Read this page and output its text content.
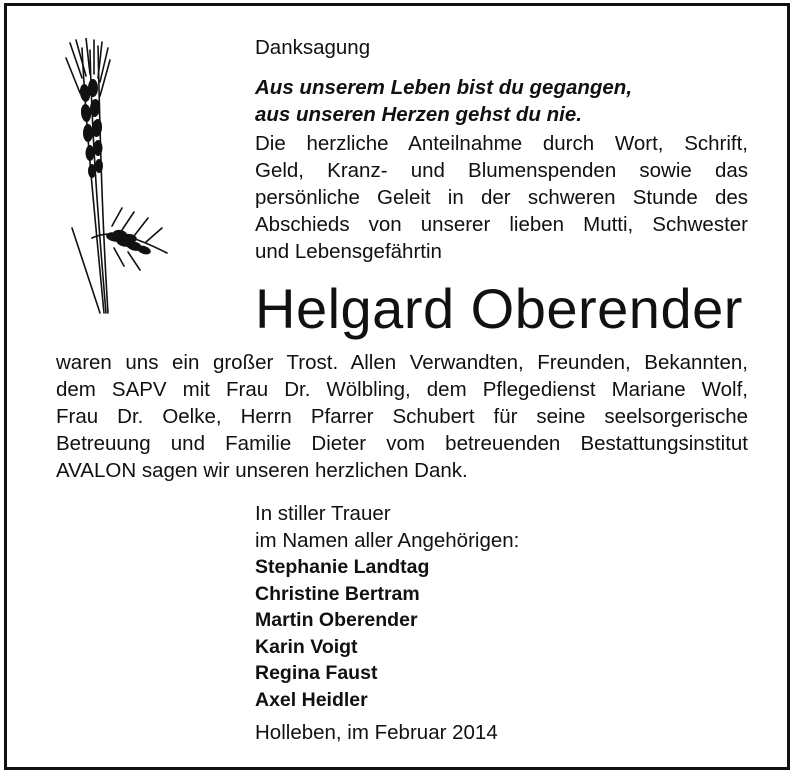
Danksagung
Aus unserem Leben bist du gegangen,
aus unseren Herzen gehst du nie.
Die herzliche Anteilnahme durch Wort, Schrift,
Geld, Kranz- und Blumenspenden sowie das
persönliche Geleit in der schweren Stunde des
Abschieds von unserer lieben Mutti, Schwester
und Lebensgefährtin
Helgard Oberender
waren uns ein großer Trost. Allen Verwandten, Freunden, Bekannten,
dem SAPV mit Frau Dr. Wölbling, dem Pflegedienst Mariane Wolf,
Frau Dr. Oelke, Herrn Pfarrer Schubert für seine seelsorgerische
Betreuung und Familie Dieter vom betreuenden Bestattungsinstitut
AVALON sagen wir unseren herzlichen Dank.
In stiller Trauer
im Namen aller Angehörigen:
Stephanie Landtag
Christine Bertram
Martin Oberender
Karin Voigt
Regina Faust
Axel Heidler
Holleben, im Februar 2014
